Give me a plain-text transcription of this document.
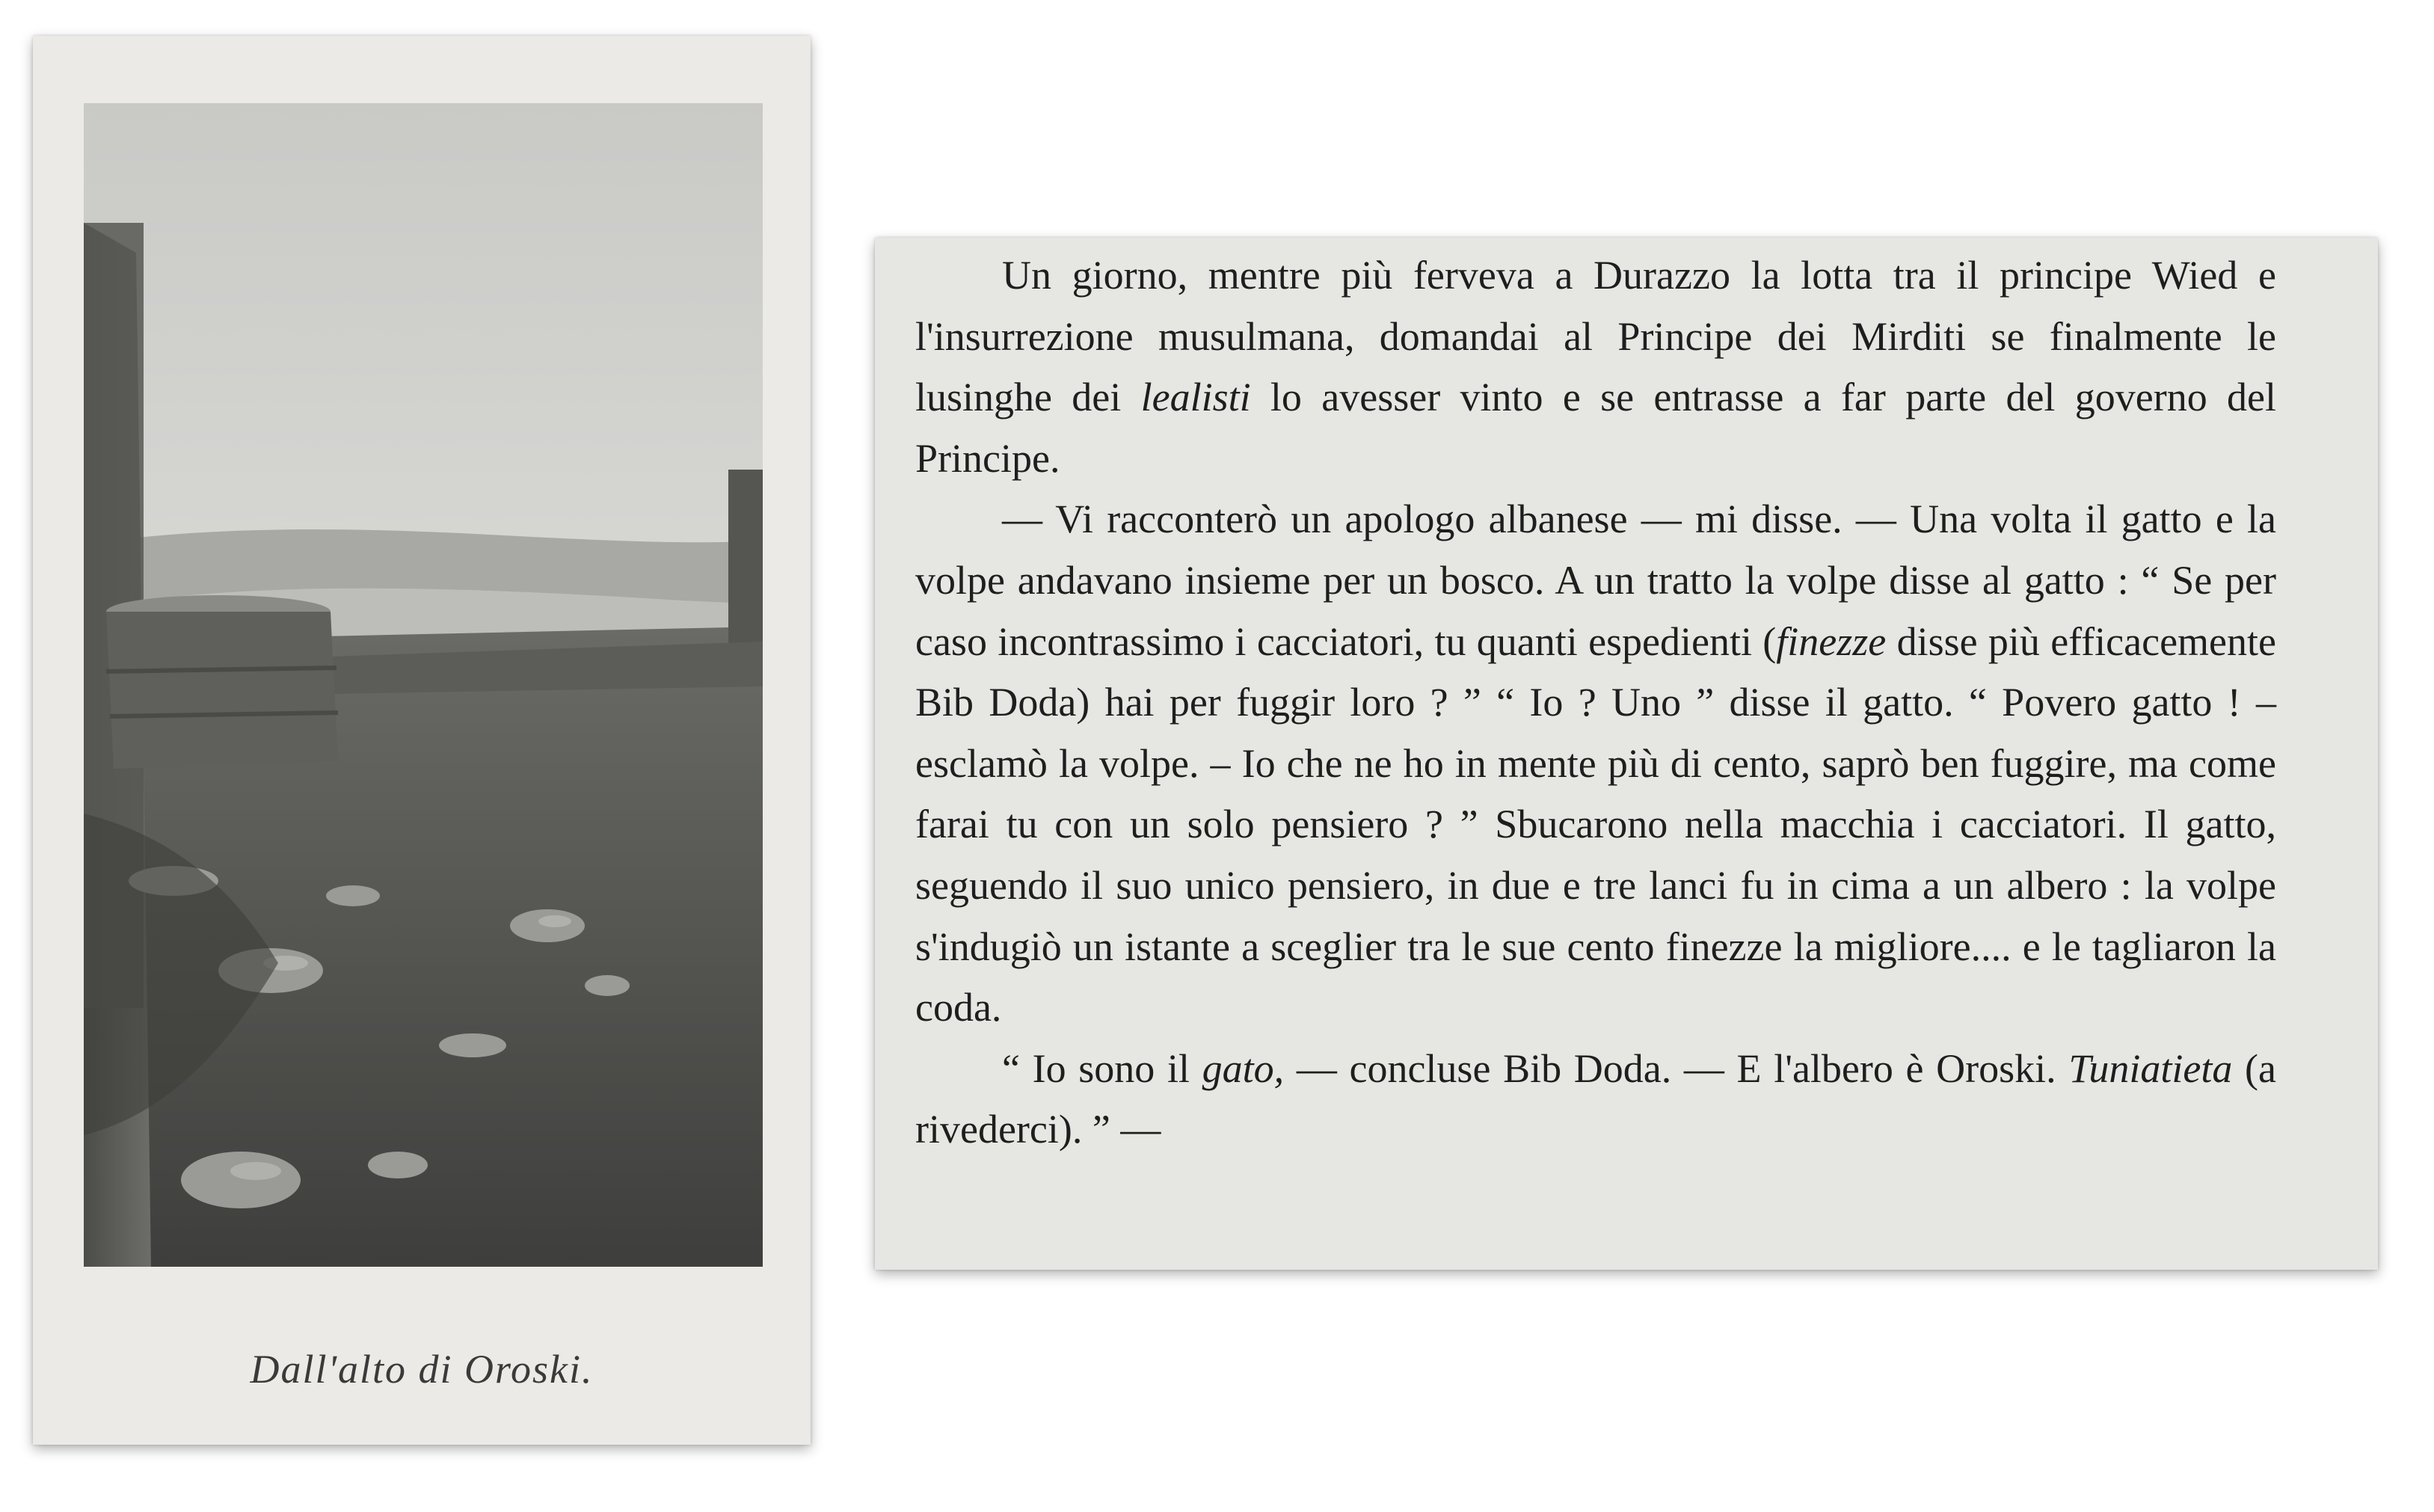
Dall'alto di Oroski.

Un giorno, mentre più ferveva a Durazzo la lotta tra il principe Wied e l'insurrezione musulmana, domandai al Principe dei Mirditi se finalmente le lusinghe dei lealisti lo avesser vinto e se entrasse a far parte del governo del Principe.

— Vi racconterò un apologo albanese — mi disse. — Una volta il gatto e la volpe andavano insieme per un bosco. A un tratto la volpe disse al gatto : “ Se per caso incontrassimo i cacciatori, tu quanti espedienti (finezze disse più efficacemente Bib Doda) hai per fuggir loro ? ” “ Io ? Uno ” disse il gatto. “ Povero gatto ! – esclamò la volpe. – Io che ne ho in mente più di cento, saprò ben fuggire, ma come farai tu con un solo pensiero ? ” Sbucarono nella macchia i cacciatori. Il gatto, seguendo il suo unico pensiero, in due e tre lanci fu in cima a un albero : la volpe s'indugiò un istante a sceglier tra le sue cento finezze la migliore.... e le tagliaron la coda.

“ Io sono il gato, — concluse Bib Doda. — E l'albero è Oroski. Tuniatieta (a rivederci). ” —
